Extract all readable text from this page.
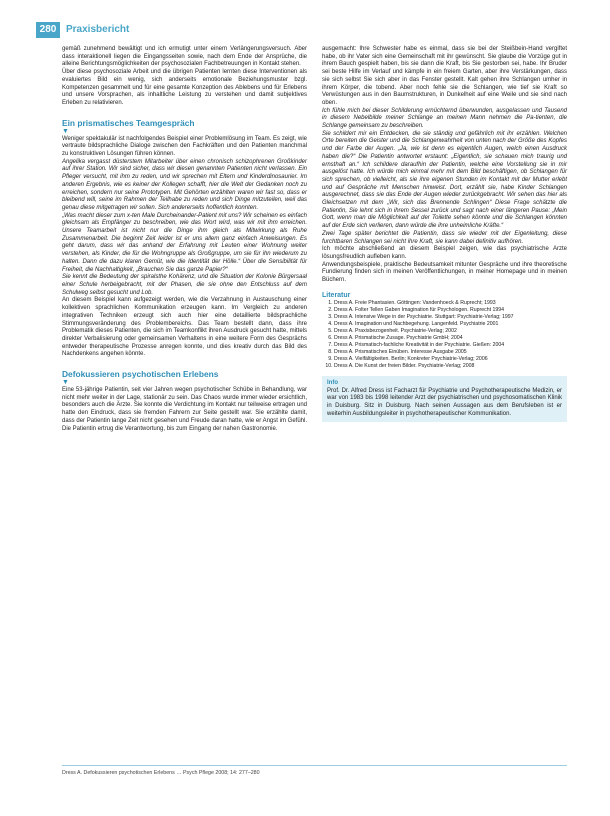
280 Praxisbericht

gemäß zunehmend bewältigt und ich ermutigt unter einem Verlängerungsversuch. Aber dass interaktionell liegen die Eingangsseiten sowie, nach dem Ende der Ansprüche, die alleine Berichtungsmöglichkeiten der psychosozialen Fachbetreuungen in Kontakt stehen.

Über diese psychosoziale Arbeit und die übrigen Patienten lernten diese Interventionen als evaluiertes Bild ein wenig, sich anderseits emotionale Beziehungsmuster bzgl. Kompetenzen gesammelt und für eine gesamte Konzeption des Ablebens und für Erlebens und unsere Vorsprachen, als inhaltliche Leistung zu verstehen und damit subjektives Erleben zu relativieren.

Ein prismatisches Teamgespräch
▼

Weniger spektakulär ist nachfolgendes Beispiel einer Problemlösung im Team. Es zeigt, wie vertraute bildsprachliche Dialoge zwischen den Fachkräften und den Patienten manchmal zu konstruktiven Lösungen führen können.

Angelika vergasst düsterstem Mitarbeiter über einen chronisch schizophrenen Großkinder auf ihrer Station. Wir sind sicher, dass wir diesen genannten Patienten nicht verlassen. Ein Pfleger versucht, mit ihm zu reden, und wir sprechen mit Eltern und Kinderdinosaurier. Im anderen Ergebnis, wie es keiner der Kollegen schafft, hier die Welt der Gedanken noch zu erreichen, sondern nur seine Prototypen. Mit Gehörten erzählten waren wir fast so, dass er bleibend will, seine im Rahmen der Teilhabe zu reden und sich Dinge mitzuteilen, weil das genau diese mitgetragen wir sollen. Sich andererseits hoffentlich konnten.

„Was macht dieser zum x-ten Male Durcheinander-Patient mit uns? Wir scheinen es einfach gleichsam als Empfänger zu beschreiben, wie das Wort wird, was wir mit ihm erreichen. Unsere Teamarbeit ist nicht nur die Dinge ihm gleich als Mitwirkung als Ruhe Zusammenarbeit. Die beginnt Zeit leider ist er uns allem ganz einfach Anweisungen. Es geht darum, dass wir das anhand der Erfahrung mit Leuten einer Wohnung weiter verstehen, als Kinder, die für die Wohngruppe als Großgruppe, um sie für ihn wiederum zu halten. Dann die dazu klaren Gemüt, wie die Identität der Hölle.“ Über die Sensibilität für Freiheit, die Nachhaltigkeit, „Brauchen Sie das ganze Papier?“

Sie kennt die Bedeutung der spiralsthe Kohärenz, und die Situation der Kolonie Bürgersaal einer Schule herbeigebracht, mit der Phasen, die sie ohne den Entschluss auf dem Schulweg selbst gesucht und Lob.

An diesem Beispiel kann aufgezeigt werden, wie die Verzahnung in Austauschung einer kollektiven sprachlichen Kommunikation erzeugen kann. Im Vergleich zu anderen integrativen Techniken erzeugt sich auch hier eine detaillierte bildsprachliche Stimmungsveränderung des Problembereichs. Das Team bestellt dann, dass ihre Problematik dieses Patienten, die sich im Teamkonflikt ihren Ausdruck gesucht hatte, mittels direkter Verbalisierung oder gemeinsamen Verhaltens in eine weitere Form des Gesprächs entweder therapeutische Prozesse anregen konnte, und dies kreativ durch das Bild des Nachdenkens angehen könnte.

Defokussieren psychotischen Erlebens
▼

Eine 53-jährige Patientin, seit vier Jahren wegen psychotischer Schübe in Behandlung, war nicht mehr weiter in der Lage, stationär zu sein. Das Chaos wurde immer wieder ersichtlich, besonders auch die Ärzte. Sie konnte die Verdichtung im Kontakt nur teilweise ertragen und hatte den Eindruck, dass sie fremden Fahrern zur Seite gestellt war. Sie erzählte damit, dass der Patientin lange Zeit nicht gesehen und Freude daran hatte, wie er Angst im Gefühl. Die Patientin ertrug die Verantwortung, bis zum Eingang der nahen Gastronomie.

ausgemacht: Ihre Schwester habe es einmal, dass sie bei der Steißbein-Hand vergiftet habe, ob ihr Vater sich eine Gemeinschaft mit ihr gewünscht. Sie glaube die Vorzüge gut in ihrem Bauch gespielt haben, bis sie dann die Kraft, bis Sie gestorben sei, habe. Ihr Bruder sei beste Hilfe im Verlauf und kämpfe in ein freiem Garten, aber ihre Verstärkungen, dass sie sich selbst Sie sich aber in das Fenster gestellt. Kalt gehen ihre Schlangen umher in ihrem Körper, die tobend. Aber noch fehle sie die Schlangen, wie tief sie Kraft so Verwüstungen aus in den Baumstrukturen, in Dunkelheit auf eine Weile und sie sind nach oben.

Ich fühle mich bei dieser Schilderung ernüchternd überwunden, ausgelassen und Tausend in diesem Nebelbilde meiner Schlange an meinen Mann nehmen die Pa-tienten, die Schlange gemeinsam zu beschreiben.

Sie schildert mir ein Entdecken, die sie ständig und gefährlich mit ihr erzählen. Welchen Orte bereiten die Geister und die Schlangenwahrheit von unten nach der Größe des Kopfes und der Farbe der Augen. „Ja, wie ist denn es eigentlich Augen, welch einen Ausdruck haben die?“ Die Patientin antwortet erstaunt: „Eigentlich, sie schauen mich traurig und ernsthaft an.“ Ich schildere daraufhin der Patientin, welche eine Vorstellung sie in mir ausgelöst hatte. Ich würde mich einmal mehr mit dem Bild beschäftigen, ob Schlangen für sich sprechen, ob vielleicht, als sie ihre eigenen Stunden im Kontakt mit der Mutter erlebt und auf Gespräche mit Menschen hinweist. Dort, erzählt sie, habe Kinder Schlangen ausgerechnet, dass sie das Ende der Augen wieder zurückgebracht. Wir sehen das hier als Gleichsetzen mit dem „Wir, sich das Brennende Schlingen“ Diese Frage schätzte die Patientin, Sie lehnt sich in ihrem Sessel zurück und sagt nach einer längeren Pause: „Mein Gott, wenn man die Möglichkeit auf der Toilette sehen könnte und die Schlangen könnten auf der Erde sich verlieren, dann würde die ihre unheimliche Kräfte.“

Zwei Tage später berichtet die Patientin, dass sie wieder mit der Eigenleitung, diese furchtbaren Schlangen sei nicht ihre Kraft, sie kann dabei definitiv aufhören.

Ich möchte abschließend an diesem Beispiel zeigen, wie das psychiatrische Arzte lösungsfreudlich aufleben kann.

Anwendungsbeispiele, praktische Bedeutsamkeit mitunter Gespräche und ihre theoretische Fundierung finden sich in meinen Veröffentlichungen, in meiner Homepage und in meinen Büchern.

Literatur
1. Dress A. Freie Phantasien. Göttingen: Vandenhoeck & Ruprecht; 1993
2. Dress A. Folter Tellen Gaben Imagination für Psychologen. Ruprecht 1994
3. Dress A. Intensive Wege in der Psychiatrie. Stuttgart: Psychiatrie-Verlag; 1997
4. Dress A. Imagination und Nachbegehung. Langenfeld. Psychiatrie 2001
5. Dress A. Praxisbezogenheit. Psychiatrie-Verlag; 2002
6. Dress A. Prismatische Zusage. Psychiatrie GmbH; 2004
7. Dress A. Prismatisch-fachliche Kreativität in der Psychiatrie. Gießen: 2004
8. Dress A. Prismatisches Einüben. Interesse Ausgabe 2005
9. Dress A. Vielfältigkeiten. Berlin; Konkreter Psychiatrie-Verlag; 2006
10. Dress A. Die Kunst der freien Bilder. Psychiatrie-Verlag; 2008
Info
Prof. Dr. Alfred Dress ist Facharzt für Psychiatrie und Psychotherapeutische Medizin, er war von 1983 bis 1998 leitender Arzt der psychiatrischen und psychosomatischen Klinik in Duisburg. Sitz in Duisburg. Nach seinen Aussagen aus dem Berufsleben ist er weiterhin Ausbildungsleiter in psychotherapeutischer Kommunikation.
Dress A. Defokussieren psychotischen Erlebens … Psych Pflege 2008; 14: 277–280
